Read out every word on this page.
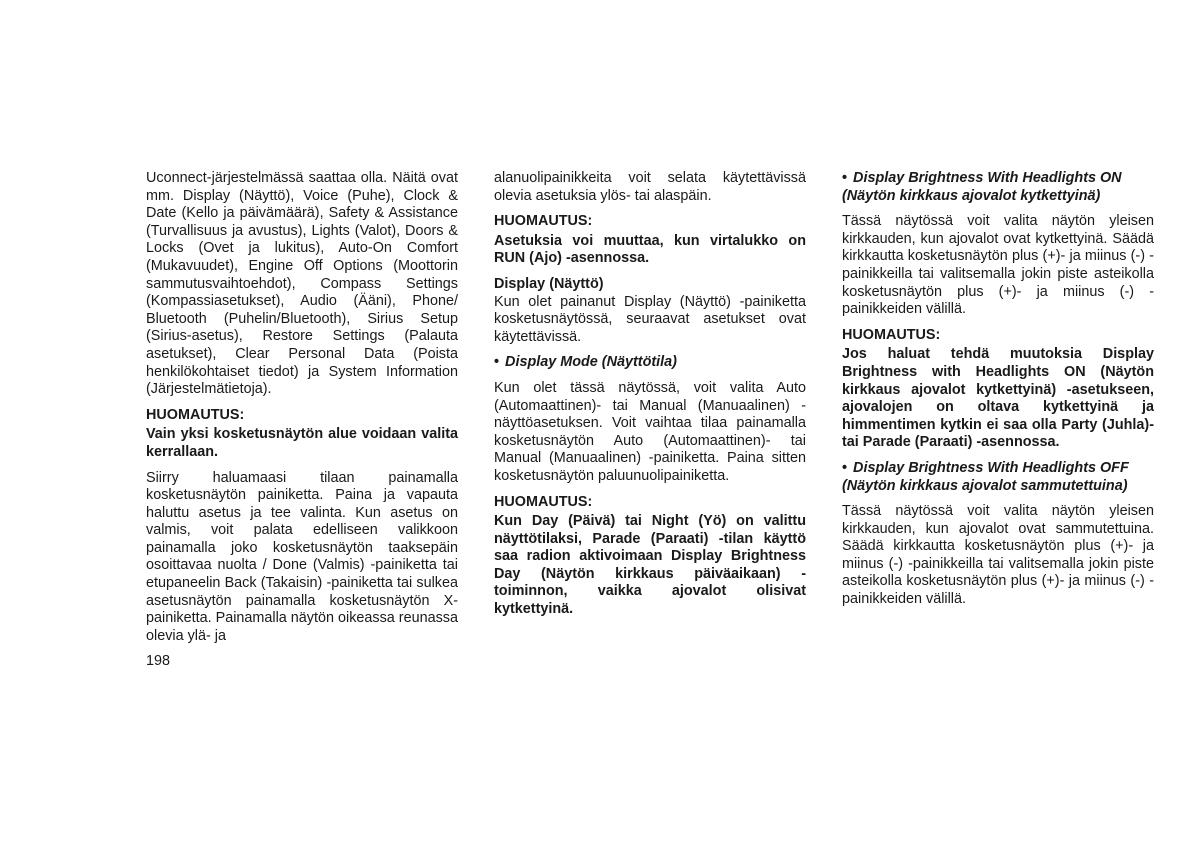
Uconnect-järjestelmässä saattaa olla. Näitä ovat mm. Display (Näyttö), Voice (Puhe), Clock & Date (Kello ja päivämäärä), Safety & Assistance (Turvallisuus ja avustus), Lights (Valot), Doors & Locks (Ovet ja lukitus), Auto-On Comfort (Mukavuudet), Engine Off Options (Moottorin sammutusvaihtoehdot), Compass Settings (Kompassiasetukset), Audio (Ääni), Phone/ Bluetooth (Puhelin/Bluetooth), Sirius Setup (Sirius-asetus), Restore Settings (Palauta asetukset), Clear Personal Data (Poista henkilökohtaiset tiedot) ja System Information (Järjestelmätietoja).

HUOMAUTUS:

Vain yksi kosketusnäytön alue voidaan valita kerrallaan.

Siirry haluamaasi tilaan painamalla kosketusnäytön painiketta. Paina ja vapauta haluttu asetus ja tee valinta. Kun asetus on valmis, voit palata edelliseen valikkoon painamalla joko kosketusnäytön taaksepäin osoittavaa nuolta / Done (Valmis) -painiketta tai etupaneelin Back (Takaisin) -painiketta tai sulkea asetusnäytön painamalla kosketusnäytön X-painiketta. Painamalla näytön oikeassa reunassa olevia ylä- ja

alanuolipainikkeita voit selata käytettävissä olevia asetuksia ylös- tai alaspäin.

HUOMAUTUS:

Asetuksia voi muuttaa, kun virtalukko on RUN (Ajo) -asennossa.

Display (Näyttö)

Kun olet painanut Display (Näyttö) -painiketta kosketusnäytössä, seuraavat asetukset ovat käytettävissä.

• Display Mode (Näyttötila)

Kun olet tässä näytössä, voit valita Auto (Automaattinen)- tai Manual (Manuaalinen) -näyttöasetuksen. Voit vaihtaa tilaa painamalla kosketusnäytön Auto (Automaattinen)- tai Manual (Manuaalinen) -painiketta. Paina sitten kosketusnäytön paluunuolipainiketta.

HUOMAUTUS:

Kun Day (Päivä) tai Night (Yö) on valittu näyttötilaksi, Parade (Paraati) -tilan käyttö saa radion aktivoimaan Display Brightness Day (Näytön kirkkaus päiväaikaan) -toiminnon, vaikka ajovalot olisivat kytkettyinä.

• Display Brightness With Headlights ON (Näytön kirkkaus ajovalot kytkettyinä)

Tässä näytössä voit valita näytön yleisen kirkkauden, kun ajovalot ovat kytkettyinä. Säädä kirkkautta kosketusnäytön plus (+)- ja miinus (-) -painikkeilla tai valitsemalla jokin piste asteikolla kosketusnäytön plus (+)- ja miinus (-) -painikkeiden välillä.

HUOMAUTUS:

Jos haluat tehdä muutoksia Display Brightness with Headlights ON (Näytön kirkkaus ajovalot kytkettyinä) -asetukseen, ajovalojen on oltava kytkettyinä ja himmentimen kytkin ei saa olla Party (Juhla)- tai Parade (Paraati) -asennossa.

• Display Brightness With Headlights OFF (Näytön kirkkaus ajovalot sammutettuina)

Tässä näytössä voit valita näytön yleisen kirkkauden, kun ajovalot ovat sammutettuina. Säädä kirkkautta kosketusnäytön plus (+)- ja miinus (-) -painikkeilla tai valitsemalla jokin piste asteikolla kosketusnäytön plus (+)- ja miinus (-) -painikkeiden välillä.

198
